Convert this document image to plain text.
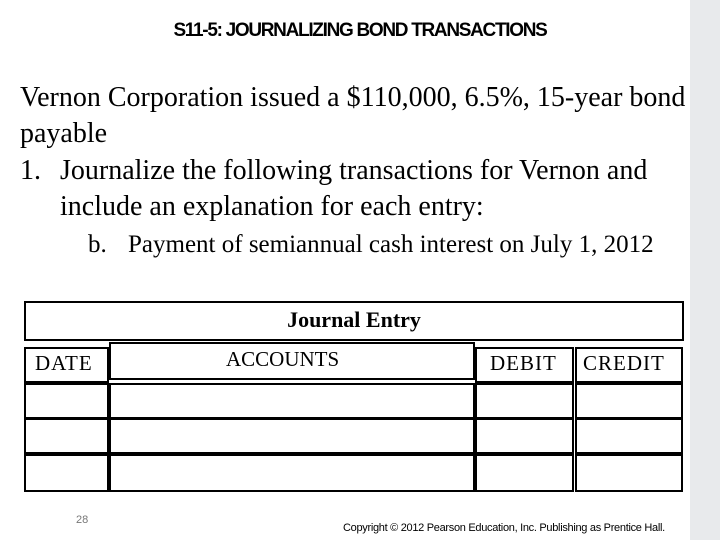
S11-5: JOURNALIZING BOND TRANSACTIONS
Vernon Corporation issued a $110,000, 6.5%, 15-year bond payable
1. Journalize the following transactions for Vernon and include an explanation for each entry:
b. Payment of semiannual cash interest on July 1, 2012
Journal Entry
DATE	ACCOUNTS	DEBIT CREDIT
28
Copyright © 2012 Pearson Education, Inc. Publishing as Prentice Hall.
